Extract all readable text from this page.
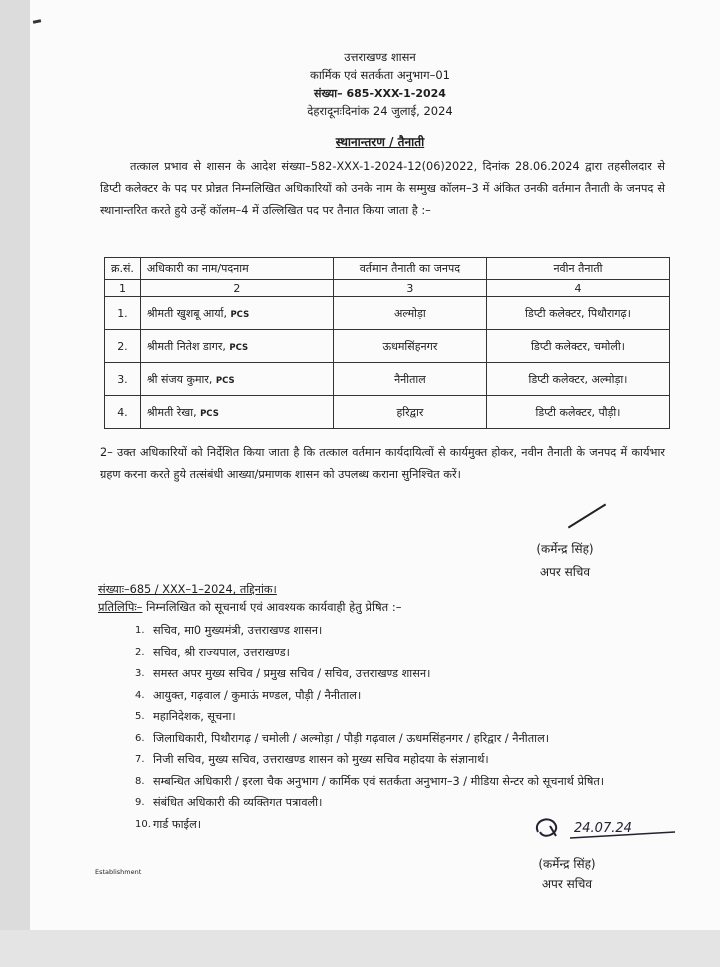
उत्तराखण्ड शासन
कार्मिक एवं सतर्कता अनुभाग–01
संख्या– 685-XXX-1-2024
देहरादूनःदिनांक 24 जुलाई, 2024
स्थानान्तरण / तैनाती
तत्काल प्रभाव से शासन के आदेश संख्या–582-XXX-1-2024-12(06)2022, दिनांक 28.06.2024 द्वारा तहसीलदार से डिप्टी कलेक्टर के पद पर प्रोन्नत निम्नलिखित अधिकारियों को उनके नाम के सम्मुख कॉलम–3 में अंकित उनकी वर्तमान तैनाती के जनपद से स्थानान्तरित करते हुये उन्हें कॉलम–4 में उल्लिखित पद पर तैनात किया जाता है :–
क्र.सं.	अधिकारी का नाम/पदनाम	वर्तमान तैनाती का जनपद	नवीन तैनाती
1	2	3	4
1.	श्रीमती खुशबू आर्या, PCS	अल्मोड़ा	डिप्टी कलेक्टर, पिथौरागढ़।
2.	श्रीमती नितेश डागर, PCS	ऊधमसिंहनगर	डिप्टी कलेक्टर, चमोली।
3.	श्री संजय कुमार, PCS	नैनीताल	डिप्टी कलेक्टर, अल्मोड़ा।
4.	श्रीमती रेखा, PCS	हरिद्वार	डिप्टी कलेक्टर, पौड़ी।
2– उक्त अधिकारियों को निर्देशित किया जाता है कि तत्काल वर्तमान कार्यदायित्वों से कार्यमुक्त होकर, नवीन तैनाती के जनपद में कार्यभार ग्रहण करना करते हुये तत्संबंधी आख्या/प्रमाणक शासन को उपलब्ध कराना सुनिश्चित करें।
(कर्मेन्द्र सिंह)
अपर सचिव
संख्याः–685 / XXX–1–2024, तद्दिनांक।
प्रतिलिपिः– निम्नलिखित को सूचनार्थ एवं आवश्यक कार्यवाही हेतु प्रेषित :–
1. सचिव, मा0 मुख्यमंत्री, उत्तराखण्ड शासन।
2. सचिव, श्री राज्यपाल, उत्तराखण्ड।
3. समस्त अपर मुख्य सचिव / प्रमुख सचिव / सचिव, उत्तराखण्ड शासन।
4. आयुक्त, गढ़वाल / कुमाऊं मण्डल, पौड़ी / नैनीताल।
5. महानिदेशक, सूचना।
6. जिलाधिकारी, पिथौरागढ़ / चमोली / अल्मोड़ा / पौड़ी गढ़वाल / ऊधमसिंहनगर / हरिद्वार / नैनीताल।
7. निजी सचिव, मुख्य सचिव, उत्तराखण्ड शासन को मुख्य सचिव महोदया के संज्ञानार्थ।
8. सम्बन्धित अधिकारी / इरला चैक अनुभाग / कार्मिक एवं सतर्कता अनुभाग–3 / मीडिया सेन्टर को सूचनार्थ प्रेषित।
9. संबंधित अधिकारी की व्यक्तिगत पत्रावली।
10. गार्ड फाईल।	24.07.24
(कर्मेन्द्र सिंह)
अपर सचिव
Establishment
